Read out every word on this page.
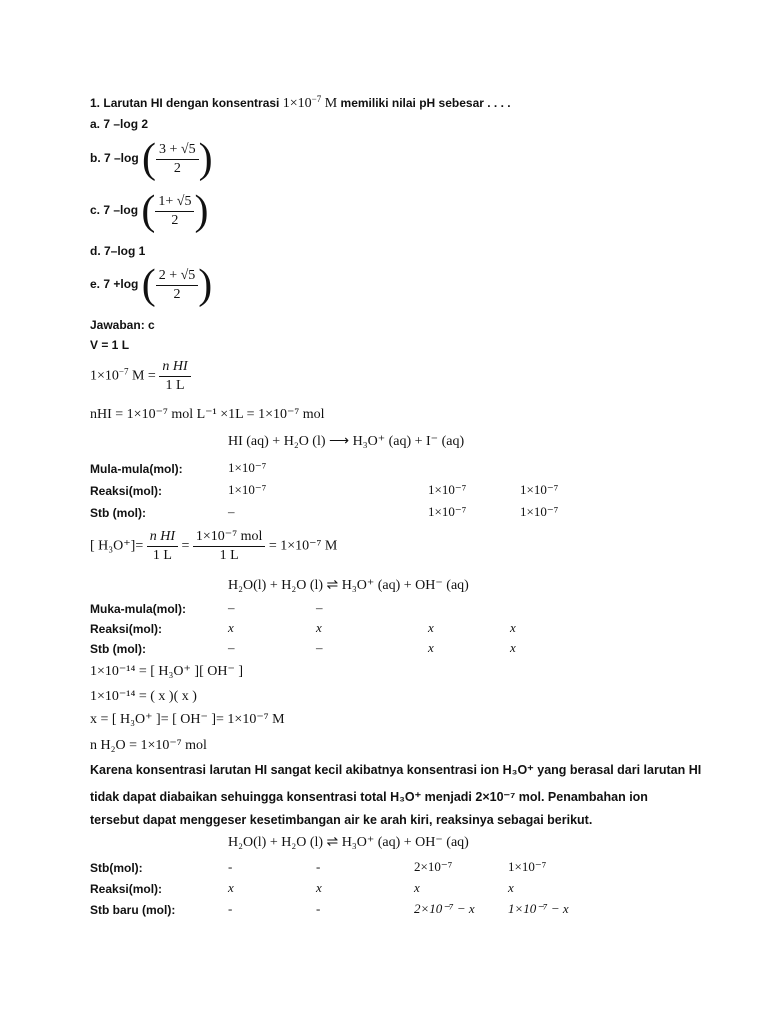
1. Larutan HI dengan konsentrasi $1\times 10^{-7}$ M memiliki nilai pH sebesar . . . .
a. 7 –log 2
b. 7 –log ( $\frac{3 + √5}{2}$ )
c. 7 –log ( $\frac{1+ √5}{2}$ )
d. 7–log 1
e. 7 +log ( $\frac{2 + √5}{2}$ )
Jawaban: c
V = 1 L
$1\times 10^{-7}$ $M = \frac{\text{n HI}}{1 L}$
nHI = 1×10⁻⁷ mol L⁻¹ ×1L = 1×10⁻⁷ mol
HI (aq) + H₂O (l) ⟶ H₃O⁺ (aq) + I⁻ (aq)
Mula-mula(mol):	1×10⁻⁷
Reaksi(mol):	1×10⁻⁷	1×10⁻⁷	1×10⁻⁷
Stb (mol):	–	1×10⁻⁷	1×10⁻⁷
[ $H_3O^+]= \frac{\text{n HI}}{1 L} = \frac{\text{1×10⁻⁷ mol}}{1 L} = 1\times 10^{-7}$ M
H₂O(l) + H₂O (l) ⇌ H₃O⁺ (aq) + OH⁻ (aq)
Muka-mula(mol):	–	–
Reaksi(mol):	x	x	x	x
Stb (mol):	–	–	x	x
1×10⁻¹⁴ = [ H₃O⁺ ][ OH⁻ ]
1×10⁻¹⁴ = ( x )( x )
x = [ H₃O⁺ ]= [ OH⁻ ]= 1×10⁻⁷ M
n H₂O = 1×10⁻⁷ mol
Karena konsentrasi larutan HI sangat kecil akibatnya konsentrasi ion H₃O⁺ yang berasal dari larutan HI
tidak dapat diabaikan sehuingga konsentrasi total H₃O⁺ menjadi 2×10⁻⁷ mol. Penambahan ion
tersebut dapat menggeser kesetimbangan air ke arah kiri, reaksinya sebagai berikut.
H₂O(l) + H₂O (l) ⇌ H₃O⁺ (aq) + OH⁻ (aq)
Stb(mol):	-	-	2×10⁻⁷	1×10⁻⁷
Reaksi(mol):	x	x	x	x
Stb baru (mol):	-	-	2×10⁻⁷ − x	1×10⁻⁷ − x
